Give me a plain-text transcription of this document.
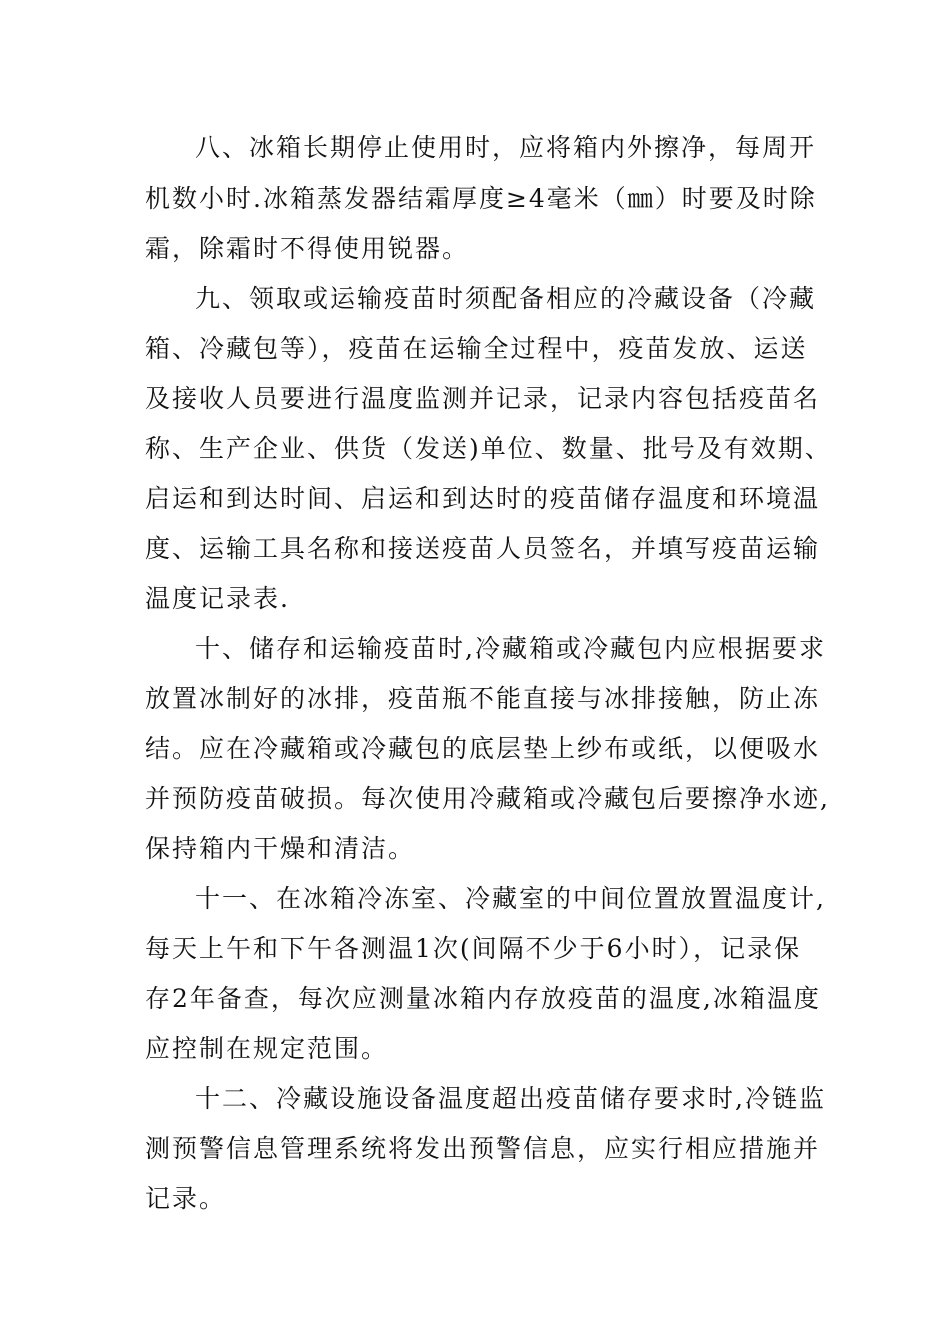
八、冰箱长期停止使用时，应将箱内外擦净，每周开
机数小时.冰箱蒸发器结霜厚度≥4毫米（㎜）时要及时除
霜，除霜时不得使用锐器。
九、领取或运输疫苗时须配备相应的冷藏设备（冷藏
箱、冷藏包等），疫苗在运输全过程中，疫苗发放、运送
及接收人员要进行温度监测并记录，记录内容包括疫苗名
称、生产企业、供货（发送)单位、数量、批号及有效期、
启运和到达时间、启运和到达时的疫苗储存温度和环境温
度、运输工具名称和接送疫苗人员签名，并填写疫苗运输
温度记录表.
十、储存和运输疫苗时,冷藏箱或冷藏包内应根据要求
放置冰制好的冰排，疫苗瓶不能直接与冰排接触，防止冻
结。应在冷藏箱或冷藏包的底层垫上纱布或纸，以便吸水
并预防疫苗破损。每次使用冷藏箱或冷藏包后要擦净水迹,
保持箱内干燥和清洁。
十一、在冰箱冷冻室、冷藏室的中间位置放置温度计,
每天上午和下午各测温1次(间隔不少于6小时），记录保
存2年备查，每次应测量冰箱内存放疫苗的温度,冰箱温度
应控制在规定范围。
十二、冷藏设施设备温度超出疫苗储存要求时,冷链监
测预警信息管理系统将发出预警信息，应实行相应措施并
记录。
